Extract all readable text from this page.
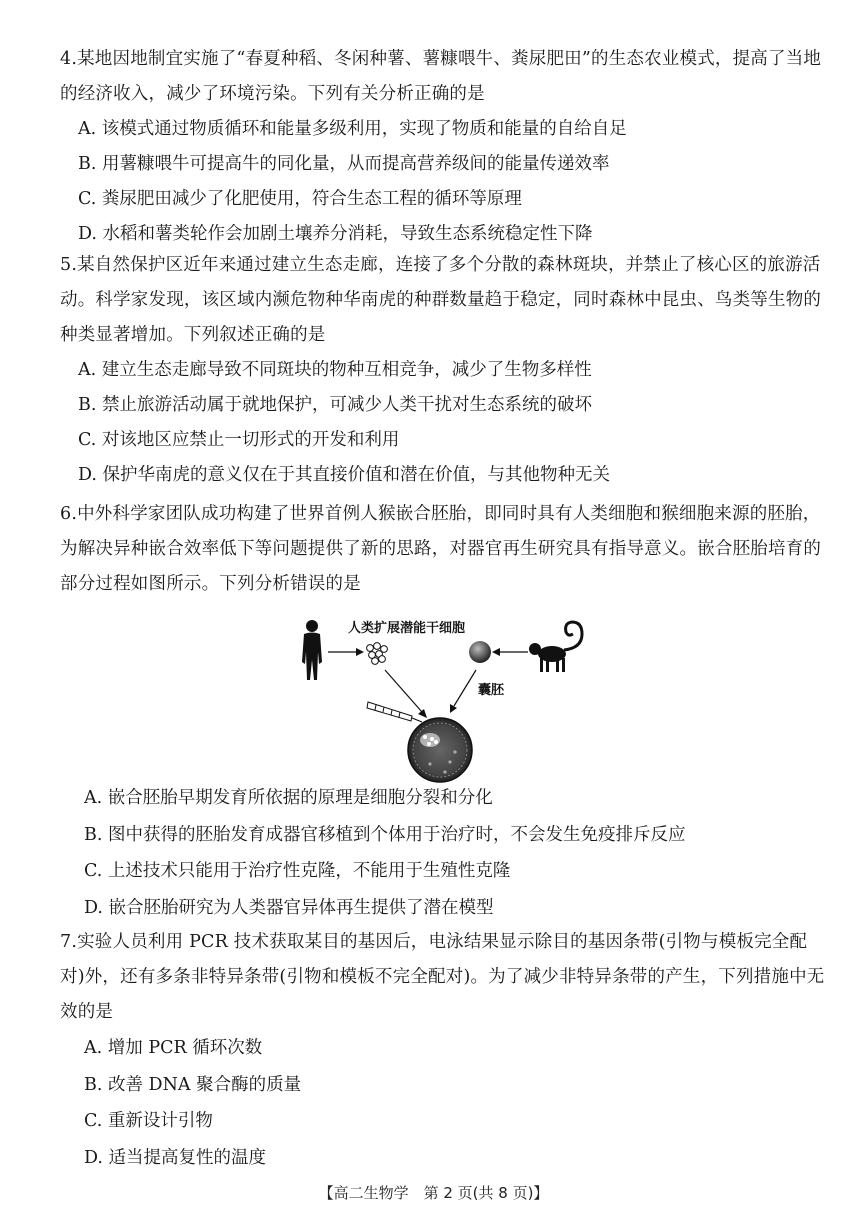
4.某地因地制宜实施了“春夏种稻、冬闲种薯、薯糠喂牛、粪尿肥田”的生态农业模式，提高了当地的经济收入，减少了环境污染。下列有关分析正确的是

A. 该模式通过物质循环和能量多级利用，实现了物质和能量的自给自足

B. 用薯糠喂牛可提高牛的同化量，从而提高营养级间的能量传递效率

C. 粪尿肥田减少了化肥使用，符合生态工程的循环等原理

D. 水稻和薯类轮作会加剧土壤养分消耗，导致生态系统稳定性下降

5.某自然保护区近年来通过建立生态走廊，连接了多个分散的森林斑块，并禁止了核心区的旅游活动。科学家发现，该区域内濒危物种华南虎的种群数量趋于稳定，同时森林中昆虫、鸟类等生物的种类显著增加。下列叙述正确的是

A. 建立生态走廊导致不同斑块的物种互相竞争，减少了生物多样性

B. 禁止旅游活动属于就地保护，可减少人类干扰对生态系统的破坏

C. 对该地区应禁止一切形式的开发和利用

D. 保护华南虎的意义仅在于其直接价值和潜在价值，与其他物种无关

6.中外科学家团队成功构建了世界首例人猴嵌合胚胎，即同时具有人类细胞和猴细胞来源的胚胎，为解决异种嵌合效率低下等问题提供了新的思路，对器官再生研究具有指导意义。嵌合胚胎培育的部分过程如图所示。下列分析错误的是

人类扩展潜能干细胞
囊胚

A. 嵌合胚胎早期发育所依据的原理是细胞分裂和分化

B. 图中获得的胚胎发育成器官移植到个体用于治疗时，不会发生免疫排斥反应

C. 上述技术只能用于治疗性克隆，不能用于生殖性克隆

D. 嵌合胚胎研究为人类器官异体再生提供了潜在模型

7.实验人员利用 PCR 技术获取某目的基因后，电泳结果显示除目的基因条带(引物与模板完全配对)外，还有多条非特异条带(引物和模板不完全配对)。为了减少非特异条带的产生，下列措施中无效的是

A. 增加 PCR 循环次数

B. 改善 DNA 聚合酶的质量

C. 重新设计引物

D. 适当提高复性的温度

【高二生物学　第 2 页(共 8 页)】
